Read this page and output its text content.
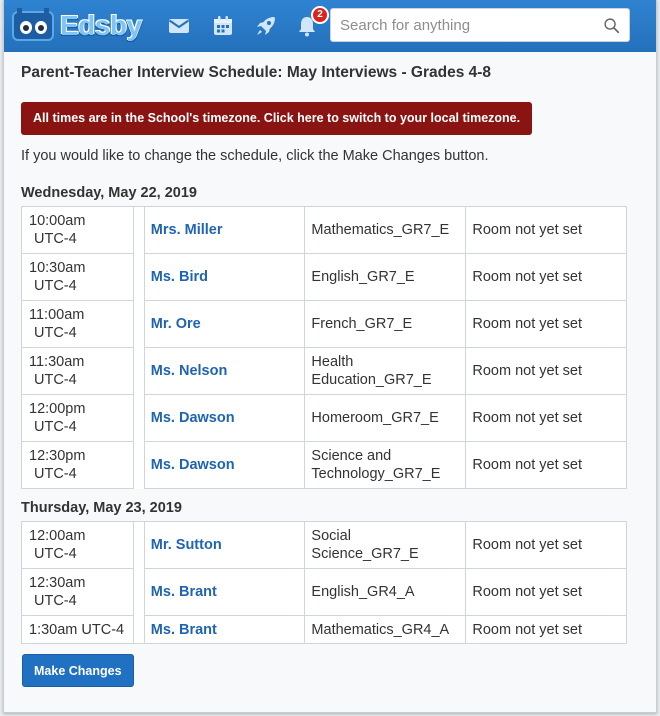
Edsby	2
Search for anything
Parent-Teacher Interview Schedule: May Interviews - Grades 4-8
All times are in the School's timezone. Click here to switch to your local timezone.
If you would like to change the schedule, click the Make Changes button.
Wednesday, May 22, 2019
10:00am
UTC-4		Mrs. Miller	Mathematics_GR7_E	Room not yet set
10:30am
UTC-4		Ms. Bird	English_GR7_E	Room not yet set
11:00am
UTC-4		Mr. Ore	French_GR7_E	Room not yet set
11:30am
UTC-4		Ms. Nelson	Health Education_GR7_E	Room not yet set
12:00pm
UTC-4		Ms. Dawson	Homeroom_GR7_E	Room not yet set
12:30pm
UTC-4		Ms. Dawson	Science and Technology_GR7_E	Room not yet set
Thursday, May 23, 2019
12:00am
UTC-4		Mr. Sutton	Social Science_GR7_E	Room not yet set
12:30am
UTC-4		Ms. Brant	English_GR4_A	Room not yet set
1:30am UTC-4		Ms. Brant	Mathematics_GR4_A	Room not yet set
Make Changes
